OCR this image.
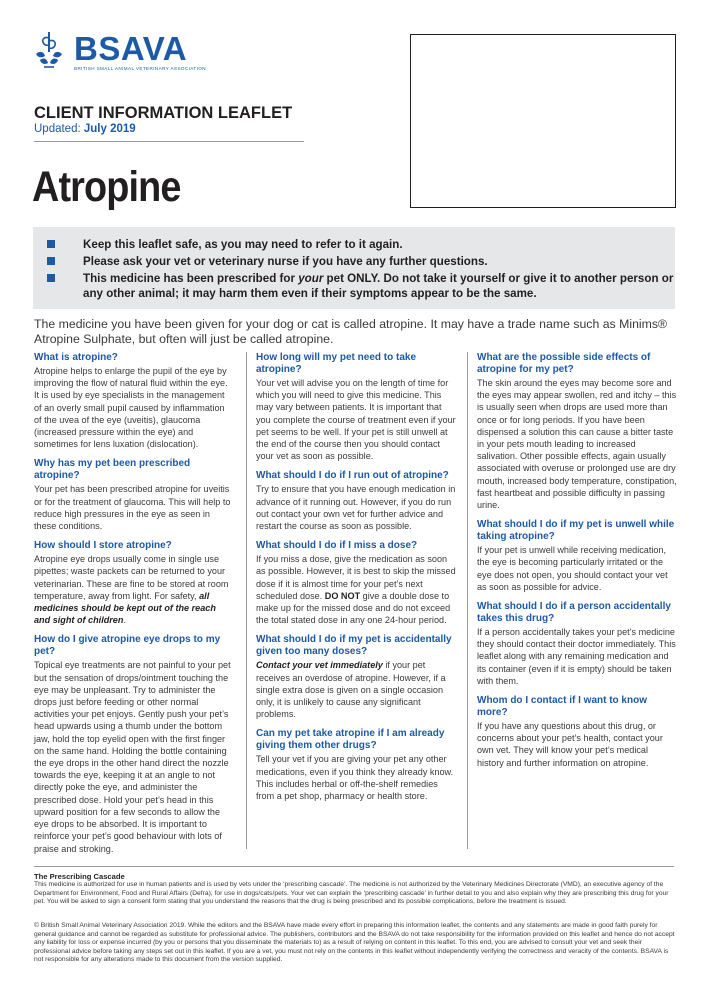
BSAVA
BRITISH SMALL ANIMAL VETERINARY ASSOCIATION
CLIENT INFORMATION LEAFLET
Updated: July 2019
Atropine
Keep this leaflet safe, as you may need to refer to it again.
Please ask your vet or veterinary nurse if you have any further questions.
This medicine has been prescribed for your pet ONLY. Do not take it yourself or give it to another person or any other animal; it may harm them even if their symptoms appear to be the same.

The medicine you have been given for your dog or cat is called atropine. It may have a trade name such as Minims® Atropine Sulphate, but often will just be called atropine.

What is atropine?

Atropine helps to enlarge the pupil of the eye by improving the flow of natural fluid within the eye. It is used by eye specialists in the management of an overly small pupil caused by inflammation of the uvea of the eye (uveitis), glaucoma (increased pressure within the eye) and sometimes for lens luxation (dislocation).

Why has my pet been prescribed atropine?

Your pet has been prescribed atropine for uveitis or for the treatment of glaucoma. This will help to reduce high pressures in the eye as seen in these conditions.

How should I store atropine?

Atropine eye drops usually come in single use pipettes; waste packets can be returned to your veterinarian. These are fine to be stored at room temperature, away from light. For safety, all medicines should be kept out of the reach and sight of children.

How do I give atropine eye drops to my pet?

Topical eye treatments are not painful to your pet but the sensation of drops/ointment touching the eye may be unpleasant. Try to administer the drops just before feeding or other normal activities your pet enjoys. Gently push your pet’s head upwards using a thumb under the bottom jaw, hold the top eyelid open with the first finger on the same hand. Holding the bottle containing the eye drops in the other hand direct the nozzle towards the eye, keeping it at an angle to not directly poke the eye, and administer the prescribed dose. Hold your pet’s head in this upward position for a few seconds to allow the eye drops to be absorbed. It is important to reinforce your pet’s good behaviour with lots of praise and stroking.

How long will my pet need to take atropine?

Your vet will advise you on the length of time for which you will need to give this medicine. This may vary between patients. It is important that you complete the course of treatment even if your pet seems to be well. If your pet is still unwell at the end of the course then you should contact your vet as soon as possible.

What should I do if I run out of atropine?

Try to ensure that you have enough medication in advance of it running out. However, if you do run out contact your own vet for further advice and restart the course as soon as possible.

What should I do if I miss a dose?

If you miss a dose, give the medication as soon as possible. However, it is best to skip the missed dose if it is almost time for your pet’s next scheduled dose. DO NOT give a double dose to make up for the missed dose and do not exceed the total stated dose in any one 24-hour period.

What should I do if my pet is accidentally given too many doses?

Contact your vet immediately if your pet receives an overdose of atropine. However, if a single extra dose is given on a single occasion only, it is unlikely to cause any significant problems.

Can my pet take atropine if I am already giving them other drugs?

Tell your vet if you are giving your pet any other medications, even if you think they already know. This includes herbal or off-the-shelf remedies from a pet shop, pharmacy or health store.

What are the possible side effects of atropine for my pet?

The skin around the eyes may become sore and the eyes may appear swollen, red and itchy – this is usually seen when drops are used more than once or for long periods. If you have been dispensed a solution this can cause a bitter taste in your pets mouth leading to increased salivation. Other possible effects, again usually associated with overuse or prolonged use are dry mouth, increased body temperature, constipation, fast heartbeat and possible difficulty in passing urine.

What should I do if my pet is unwell while taking atropine?

If your pet is unwell while receiving medication, the eye is becoming particularly irritated or the eye does not open, you should contact your vet as soon as possible for advice.

What should I do if a person accidentally takes this drug?

If a person accidentally takes your pet’s medicine they should contact their doctor immediately. This leaflet along with any remaining medication and its container (even if it is empty) should be taken with them.

Whom do I contact if I want to know more?

If you have any questions about this drug, or concerns about your pet’s health, contact your own vet. They will know your pet’s medical history and further information on atropine.

The Prescribing Cascade

This medicine is authorized for use in human patients and is used by vets under the ‘prescribing cascade’. The medicine is not authorized by the Veterinary Medicines Directorate (VMD), an executive agency of the Department for Environment, Food and Rural Affairs (Defra), for use in dogs/cats/pets. Your vet can explain the ‘prescribing cascade’ in further detail to you and also explain why they are prescribing this drug for your pet. You will be asked to sign a consent form stating that you understand the reasons that the drug is being prescribed and its possible complications, before the treatment is issued.

© British Small Animal Veterinary Association 2019. While the editors and the BSAVA have made every effort in preparing this information leaflet, the contents and any statements are made in good faith purely for general guidance and cannot be regarded as substitute for professional advice. The publishers, contributors and the BSAVA do not take responsibility for the information provided on this leaflet and hence do not accept any liability for loss or expense incurred (by you or persons that you disseminate the materials to) as a result of relying on content in this leaflet. To this end, you are advised to consult your vet and seek their professional advice before taking any steps set out in this leaflet. If you are a vet, you must not rely on the contents in this leaflet without independently verifying the correctness and veracity of the contents. BSAVA is not responsible for any alterations made to this document from the version supplied.
